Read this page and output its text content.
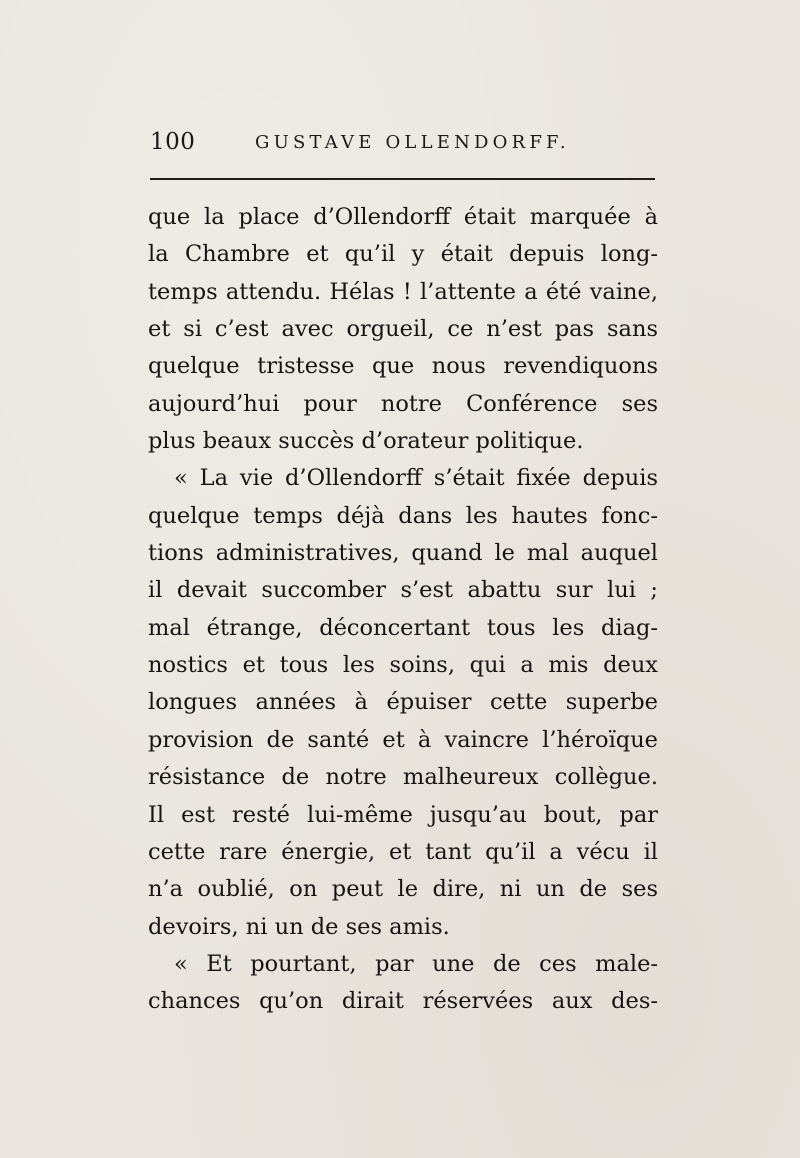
100	GUSTAVE OLLENDORFF.
que la place d’Ollendorff était marquée à
la Chambre et qu’il y était depuis long-
temps attendu. Hélas ! l’attente a été vaine,
et si c’est avec orgueil, ce n’est pas sans
quelque tristesse que nous revendiquons
aujourd’hui pour notre Conférence ses
plus beaux succès d’orateur politique.
« La vie d’Ollendorff s’était fixée depuis
quelque temps déjà dans les hautes fonc-
tions administratives, quand le mal auquel
il devait succomber s’est abattu sur lui ;
mal étrange, déconcertant tous les diag-
nostics et tous les soins, qui a mis deux
longues années à épuiser cette superbe
provision de santé et à vaincre l’héroïque
résistance de notre malheureux collègue.
Il est resté lui-même jusqu’au bout, par
cette rare énergie, et tant qu’il a vécu il
n’a oublié, on peut le dire, ni un de ses
devoirs, ni un de ses amis.
« Et pourtant, par une de ces male-
chances qu’on dirait réservées aux des-
